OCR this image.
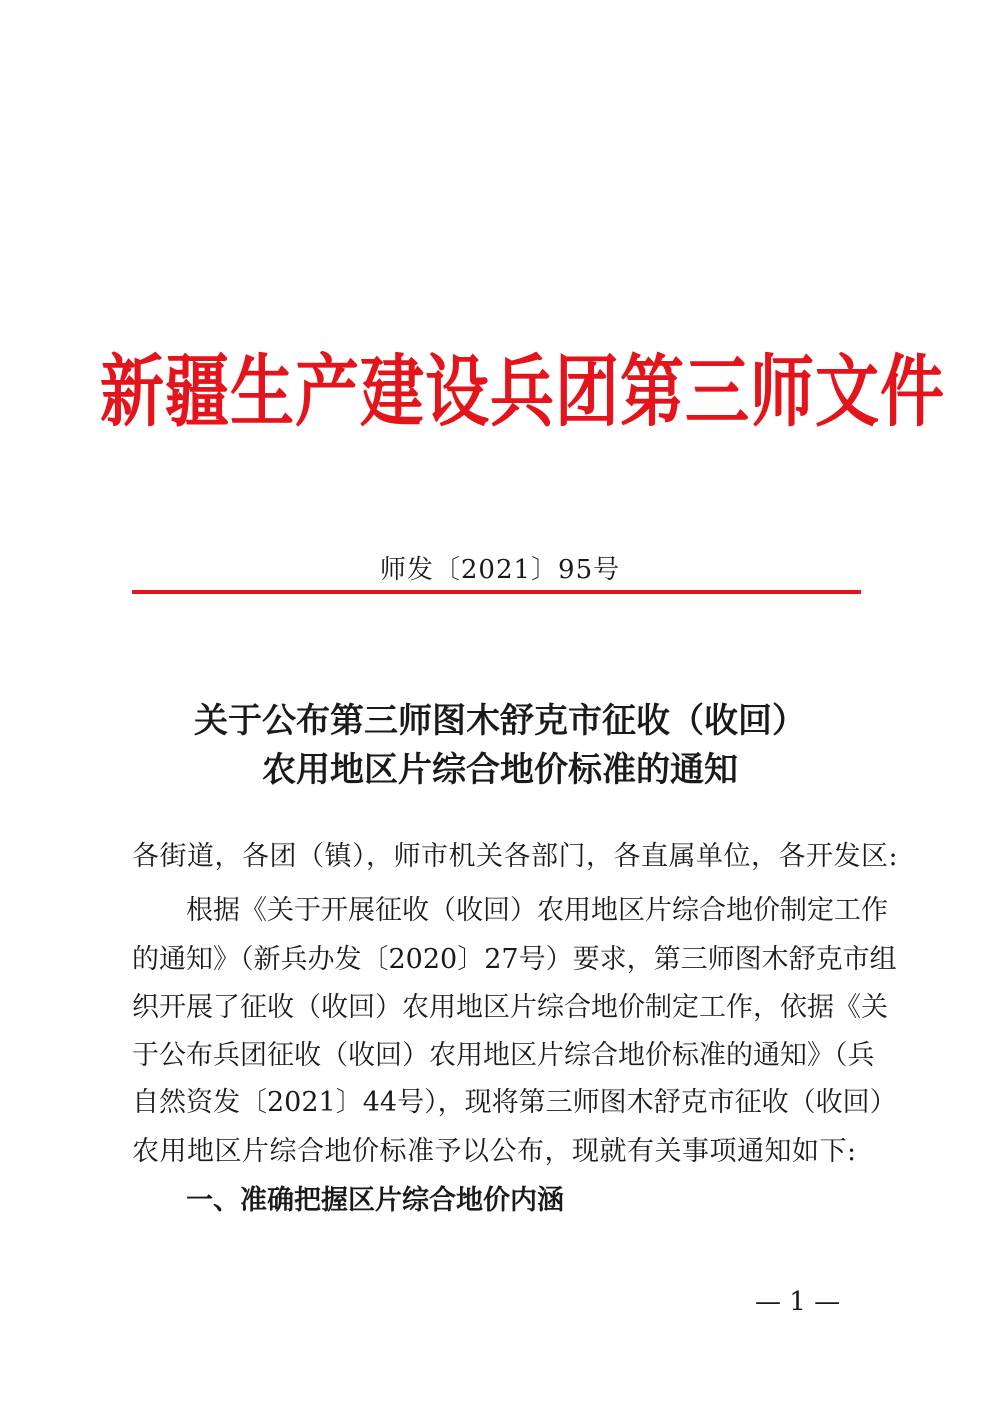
新疆生产建设兵团第三师文件
师发〔2021〕95号
关于公布第三师图木舒克市征收（收回）
农用地区片综合地价标准的通知
各街道，各团（镇），师市机关各部门，各直属单位，各开发区:
根据《关于开展征收（收回）农用地区片综合地价制定工作
的通知》（新兵办发〔2020〕27号）要求，第三师图木舒克市组
织开展了征收（收回）农用地区片综合地价制定工作，依据《关
于公布兵团征收（收回）农用地区片综合地价标准的通知》（兵
自然资发〔2021〕44号），现将第三师图木舒克市征收（收回）
农用地区片综合地价标准予以公布，现就有关事项通知如下:
一、准确把握区片综合地价内涵
— 1 —
